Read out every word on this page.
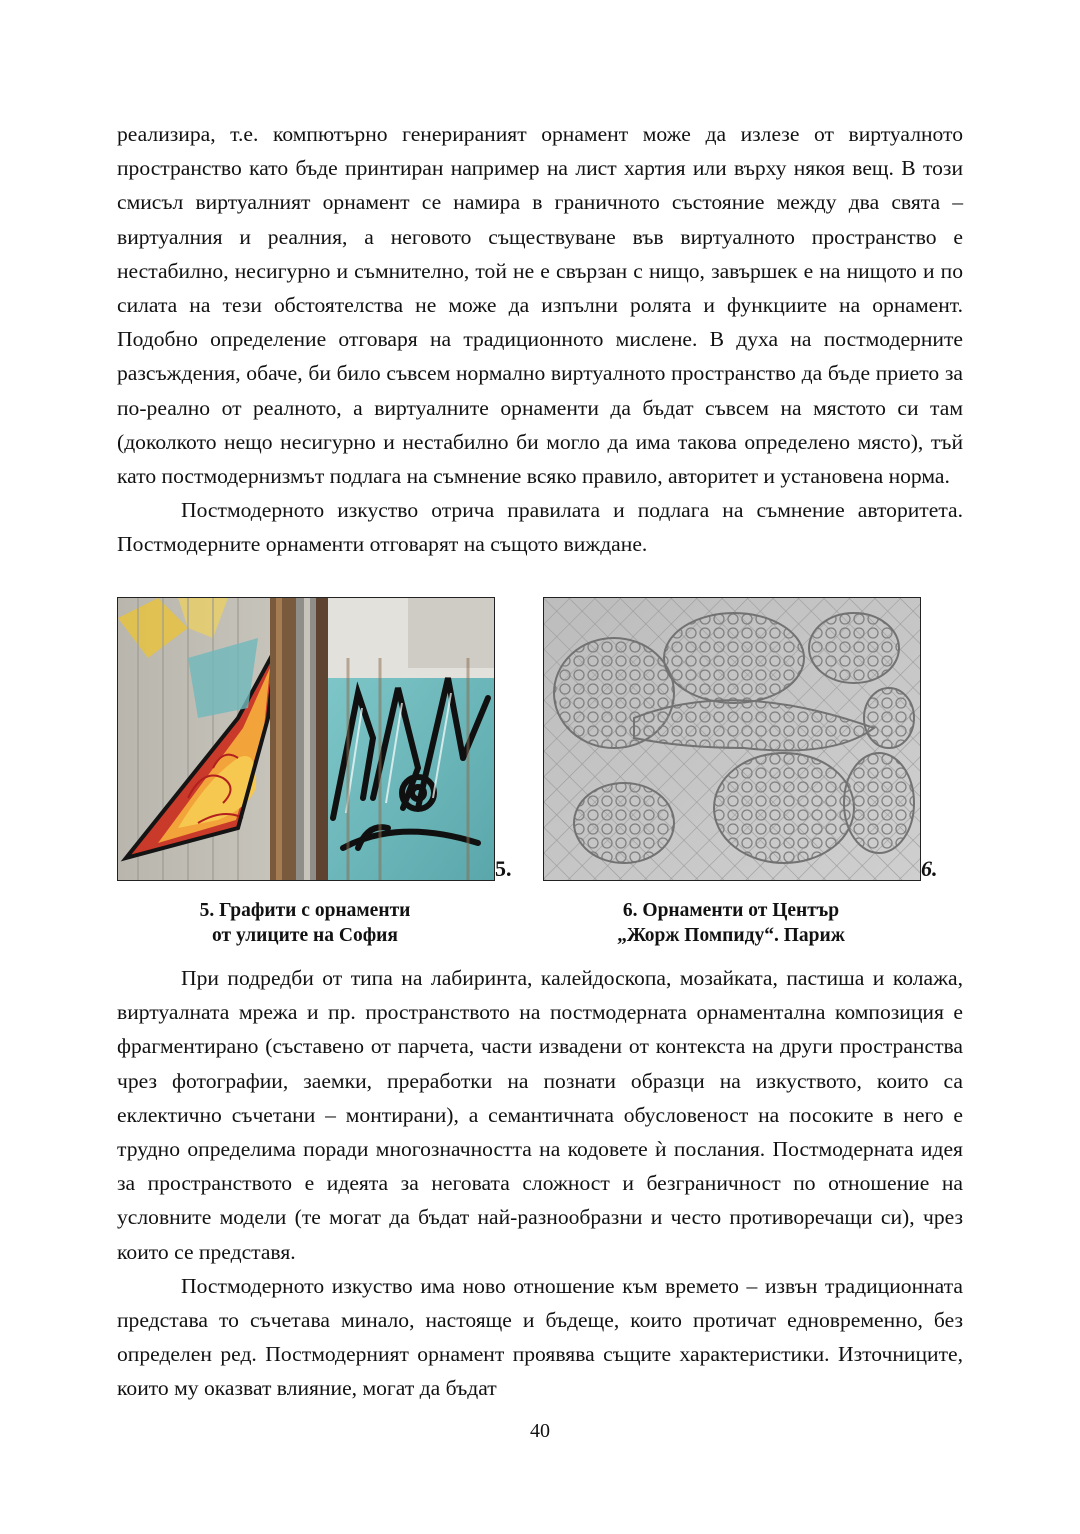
реализира, т.е. компютърно генерираният орнамент може да излезе от виртуалното пространство като бъде принтиран например на лист хартия или върху някоя вещ. В този смисъл виртуалният орнамент се намира в граничното състояние между два свята – виртуалния и реалния, а неговото съществуване във виртуалното пространство е нестабилно, несигурно и съмнително, той не е свързан с нищо, завършек е на нищото и по силата на тези обстоятелства не може да изпълни ролята и функциите на орнамент. Подобно определение отговаря на традиционното мислене. В духа на постмодерните разсъждения, обаче, би било съвсем нормално виртуалното пространство да бъде прието за по-реално от реалното, а виртуалните орнаменти да бъдат съвсем на мястото си там (доколкото нещо несигурно и нестабилно би могло да има такова определено място), тъй като постмодернизмът подлага на съмнение всяко правило, авторитет и установена норма.

Постмодерното изкуство отрича правилата и подлага на съмнение авторитета. Постмодерните орнаменти отговарят на същото виждане.

5.	6.
5. Графити с орнаменти
от улиците на София
6. Орнаменти от Център
„Жорж Помпиду“. Париж

При подредби от типа на лабиринта, калейдоскопа, мозайката, пастиша и колажа, виртуалната мрежа и пр. пространството на постмодерната орнаментална композиция е фрагментирано (съставено от парчета, части извадени от контекста на други пространства чрез фотографии, заемки, преработки на познати образци на изкуството, които са еклектично съчетани – монтирани), а семантичната обусловеност на посоките в него е трудно определима поради многозначността на кодовете ѝ послания. Постмодерната идея за пространството е идеята за неговата сложност и безграничност по отношение на условните модели (те могат да бъдат най-разнообразни и често противоречащи си), чрез които се представя.

Постмодерното изкуство има ново отношение към времето – извън традиционната представа то съчетава минало, настояще и бъдеще, които протичат едновременно, без определен ред. Постмодерният орнамент проявява същите характеристики. Източниците, които му оказват влияние, могат да бъдат

40
